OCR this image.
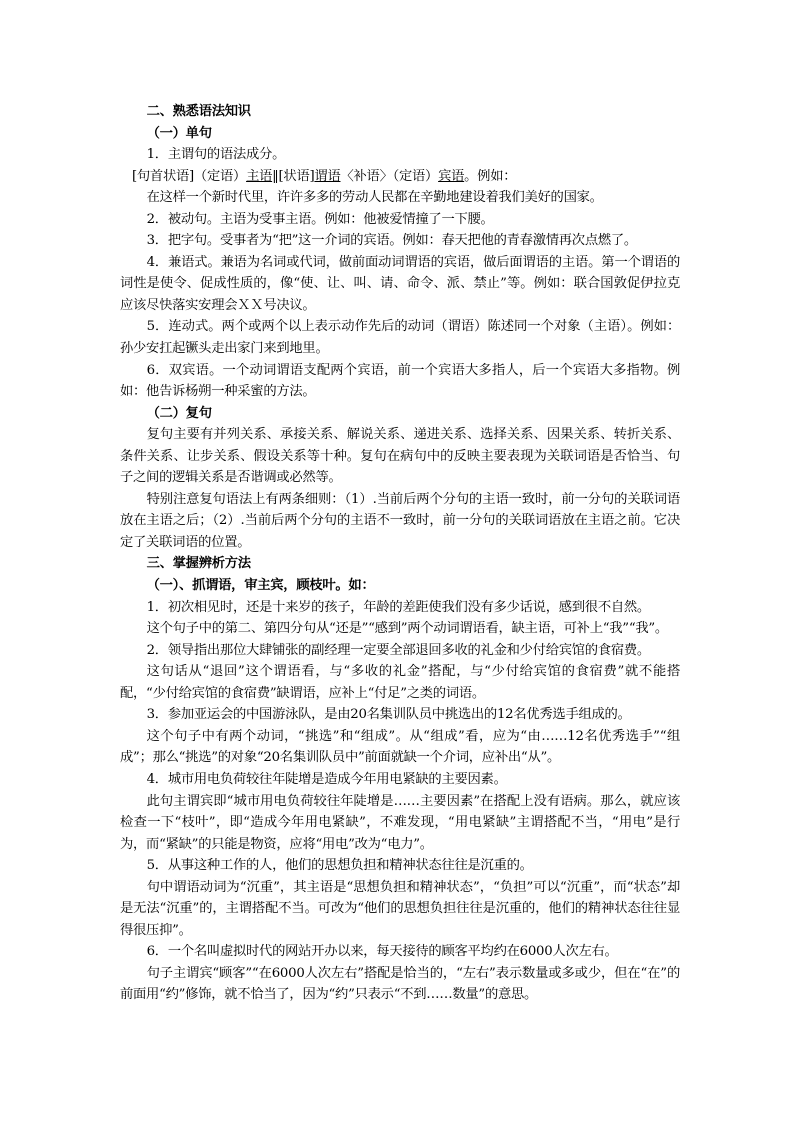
二、熟悉语法知识

（一）单句

1．主谓句的语法成分。

[句首状语]（定语）主语‖[状语]谓语〈补语〉（定语）宾语。例如：

在这样一个新时代里，许许多多的劳动人民都在辛勤地建设着我们美好的国家。

2．被动句。主语为受事主语。例如：他被爱情撞了一下腰。

3．把字句。受事者为“把”这一介词的宾语。例如：春天把他的青春激情再次点燃了。

4．兼语式。兼语为名词或代词，做前面动词谓语的宾语，做后面谓语的主语。第一个谓语的词性是使令、促成性质的，像“使、让、叫、请、命令、派、禁止”等。例如：联合国敦促伊拉克应该尽快落实安理会ＸＸ号决议。

5．连动式。两个或两个以上表示动作先后的动词（谓语）陈述同一个对象（主语）。例如：孙少安扛起镢头走出家门来到地里。

6．双宾语。一个动词谓语支配两个宾语，前一个宾语大多指人，后一个宾语大多指物。例如：他告诉杨朔一种采蜜的方法。

（二）复句

复句主要有并列关系、承接关系、解说关系、递进关系、选择关系、因果关系、转折关系、条件关系、让步关系、假设关系等十种。复句在病句中的反映主要表现为关联词语是否恰当、句子之间的逻辑关系是否谐调或必然等。

特别注意复句语法上有两条细则：（1）.当前后两个分句的主语一致时，前一分句的关联词语放在主语之后；（2）.当前后两个分句的主语不一致时，前一分句的关联词语放在主语之前。它决定了关联词语的位置。

三、掌握辨析方法

（一）、抓谓语，审主宾，顾枝叶。如：

1．初次相见时，还是十来岁的孩子，年龄的差距使我们没有多少话说，感到很不自然。

这个句子中的第二、第四分句从“还是”“感到”两个动词谓语看，缺主语，可补上“我”“我”。

2．领导指出那位大肆铺张的副经理一定要全部退回多收的礼金和少付给宾馆的食宿费。

这句话从“退回”这个谓语看，与“多收的礼金”搭配，与“少付给宾馆的食宿费”就不能搭配，“少付给宾馆的食宿费”缺谓语，应补上“付足”之类的词语。

3．参加亚运会的中国游泳队，是由20名集训队员中挑选出的12名优秀选手组成的。

这个句子中有两个动词，“挑选”和“组成”。从“组成”看，应为“由……12名优秀选手”“组成”；那么“挑选”的对象“20名集训队员中”前面就缺一个介词，应补出“从”。

4．城市用电负荷较往年陡增是造成今年用电紧缺的主要因素。

此句主谓宾即“城市用电负荷较往年陡增是……主要因素”在搭配上没有语病。那么，就应该检查一下“枝叶”，即“造成今年用电紧缺”，不难发现，“用电紧缺”主谓搭配不当，“用电”是行为，而“紧缺”的只能是物资，应将“用电”改为“电力”。

5．从事这种工作的人，他们的思想负担和精神状态往往是沉重的。

句中谓语动词为“沉重”，其主语是“思想负担和精神状态”，“负担”可以“沉重”，而“状态”却是无法“沉重”的，主谓搭配不当。可改为“他们的思想负担往往是沉重的，他们的精神状态往往显得很压抑”。

6．一个名叫虚拟时代的网站开办以来，每天接待的顾客平均约在6000人次左右。

句子主谓宾“顾客”“在6000人次左右”搭配是恰当的，“左右”表示数量或多或少，但在“在”的前面用“约”修饰，就不恰当了，因为“约”只表示“不到……数量”的意思。
